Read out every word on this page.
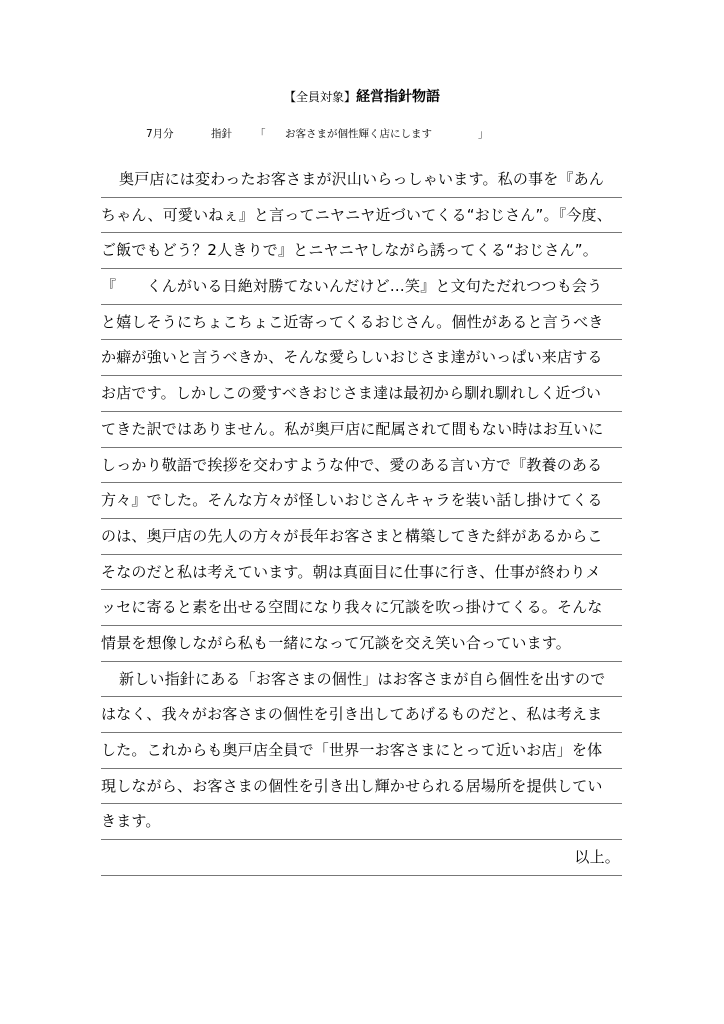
【全員対象】経営指針物語
7月分	指針 「 お客さまが個性輝く店にします	」
奥戸店には変わったお客さまが沢山いらっしゃいます。私の事を『あん
ちゃん、可愛いねぇ』と言ってニヤニヤ近づいてくる“おじさん”。『今度、
ご飯でもどう？2人きりで』とニヤニヤしながら誘ってくる“おじさん”。
『　　くんがいる日絶対勝てないんだけど…笑』と文句ただれつつも会う
と嬉しそうにちょこちょこ近寄ってくるおじさん。個性があると言うべき
か癖が強いと言うべきか、そんな愛らしいおじさま達がいっぱい来店する
お店です。しかしこの愛すべきおじさま達は最初から馴れ馴れしく近づい
てきた訳ではありません。私が奥戸店に配属されて間もない時はお互いに
しっかり敬語で挨拶を交わすような仲で、愛のある言い方で『教養のある
方々』でした。そんな方々が怪しいおじさんキャラを装い話し掛けてくる
のは、奥戸店の先人の方々が長年お客さまと構築してきた絆があるからこ
そなのだと私は考えています。朝は真面目に仕事に行き、仕事が終わりメ
ッセに寄ると素を出せる空間になり我々に冗談を吹っ掛けてくる。そんな
情景を想像しながら私も一緒になって冗談を交え笑い合っています。
新しい指針にある「お客さまの個性」はお客さまが自ら個性を出すので
はなく、我々がお客さまの個性を引き出してあげるものだと、私は考えま
した。これからも奥戸店全員で「世界一お客さまにとって近いお店」を体
現しながら、お客さまの個性を引き出し輝かせられる居場所を提供してい
きます。
以上。
